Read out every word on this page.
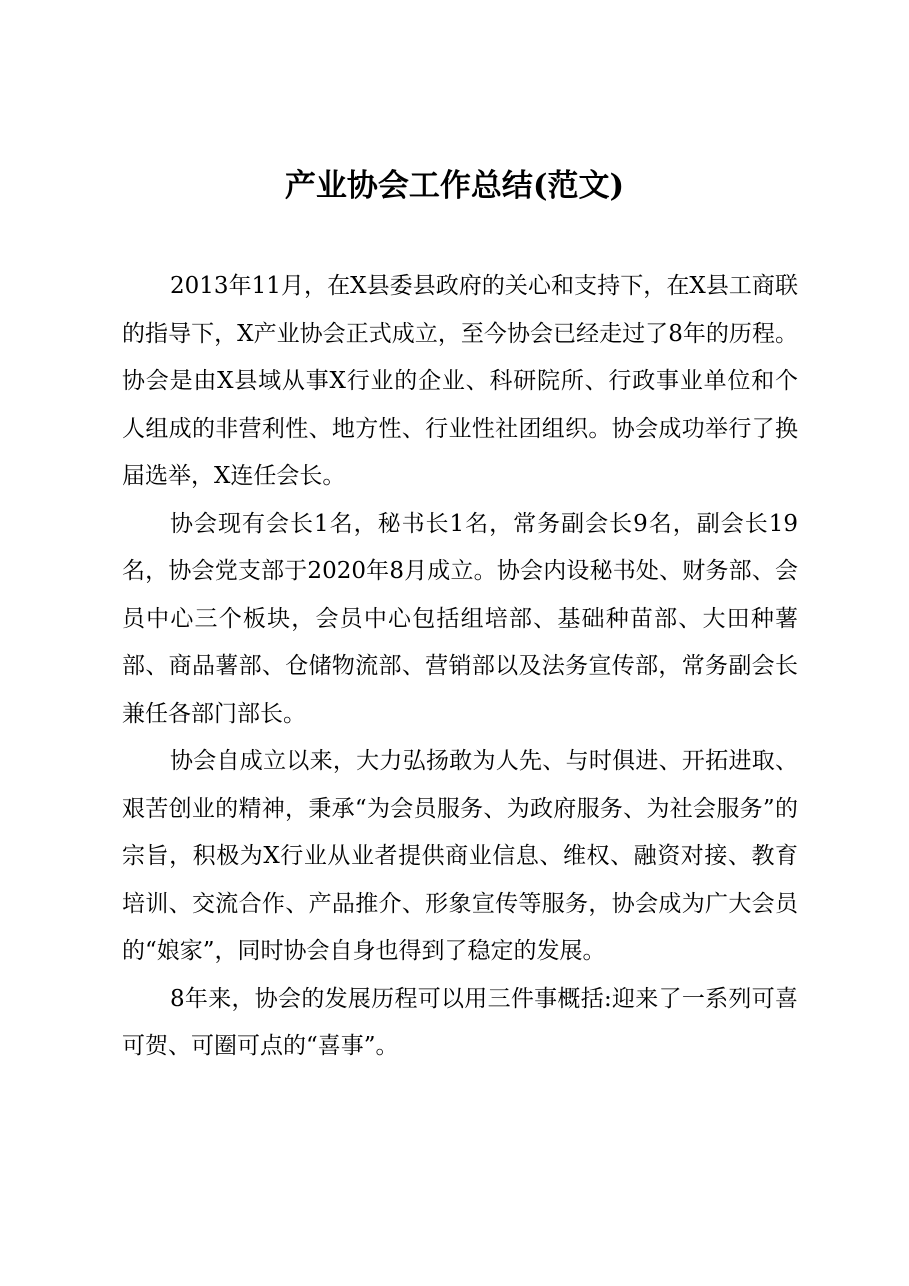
产业协会工作总结(范文)

2013年11月，在X县委县政府的关心和支持下，在X县工商联的指导下，X产业协会正式成立，至今协会已经走过了8年的历程。协会是由X县域从事X行业的企业、科研院所、行政事业单位和个人组成的非营利性、地方性、行业性社团组织。协会成功举行了换届选举，X连任会长。

协会现有会长1名，秘书长1名，常务副会长9名，副会长19名，协会党支部于2020年8月成立。协会内设秘书处、财务部、会员中心三个板块，会员中心包括组培部、基础种苗部、大田种薯部、商品薯部、仓储物流部、营销部以及法务宣传部，常务副会长兼任各部门部长。

协会自成立以来，大力弘扬敢为人先、与时俱进、开拓进取、艰苦创业的精神，秉承“为会员服务、为政府服务、为社会服务”的宗旨，积极为X行业从业者提供商业信息、维权、融资对接、教育培训、交流合作、产品推介、形象宣传等服务，协会成为广大会员的“娘家”，同时协会自身也得到了稳定的发展。

8年来，协会的发展历程可以用三件事概括:迎来了一系列可喜可贺、可圈可点的“喜事”。
